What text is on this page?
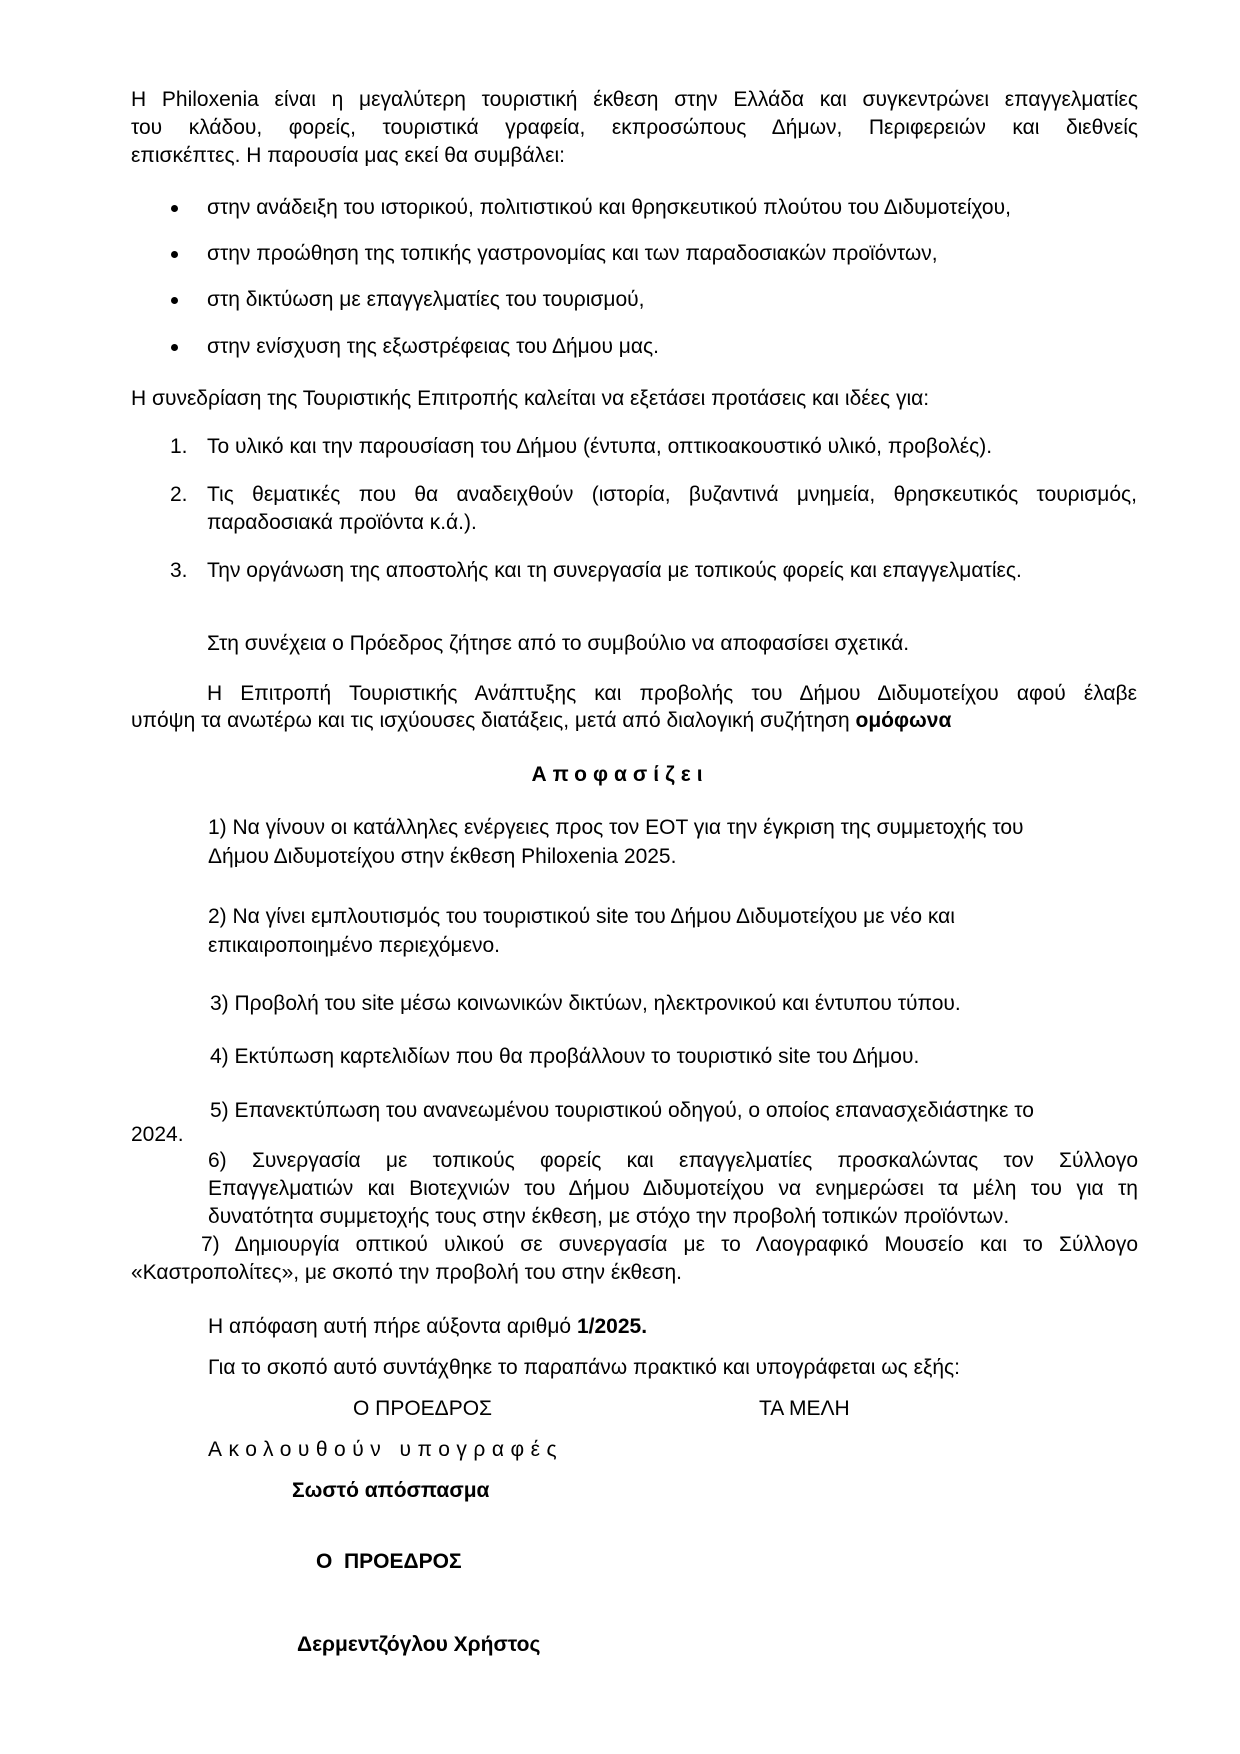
Η Philoxenia είναι η μεγαλύτερη τουριστική έκθεση στην Ελλάδα και συγκεντρώνει επαγγελματίες

του κλάδου, φορείς, τουριστικά γραφεία, εκπροσώπους Δήμων, Περιφερειών και διεθνείς

επισκέπτες. Η παρουσία μας εκεί θα συμβάλει:

στην ανάδειξη του ιστορικού, πολιτιστικού και θρησκευτικού πλούτου του Διδυμοτείχου,

στην προώθηση της τοπικής γαστρονομίας και των παραδοσιακών προϊόντων,

στη δικτύωση με επαγγελματίες του τουρισμού,

στην ενίσχυση της εξωστρέφειας του Δήμου μας.

Η συνεδρίαση της Τουριστικής Επιτροπής καλείται να εξετάσει προτάσεις και ιδέες για:

1. Το υλικό και την παρουσίαση του Δήμου (έντυπα, οπτικοακουστικό υλικό, προβολές).

2. Τις θεματικές που θα αναδειχθούν (ιστορία, βυζαντινά μνημεία, θρησκευτικός τουρισμός,

παραδοσιακά προϊόντα κ.ά.).

3. Την οργάνωση της αποστολής και τη συνεργασία με τοπικούς φορείς και επαγγελματίες.

Στη συνέχεια ο Πρόεδρος ζήτησε από το συμβούλιο να αποφασίσει σχετικά.

Η Επιτροπή Τουριστικής Ανάπτυξης και προβολής του Δήμου Διδυμοτείχου αφού έλαβε

υπόψη τα ανωτέρω και τις ισχύουσες διατάξεις, μετά από διαλογική συζήτηση ομόφωνα

Αποφασίζει

1) Να γίνουν οι κατάλληλες ενέργειες προς τον ΕΟΤ για την έγκριση της συμμετοχής του

Δήμου Διδυμοτείχου στην έκθεση Philoxenia 2025.

2) Να γίνει εμπλουτισμός του τουριστικού site του Δήμου Διδυμοτείχου με νέο και

επικαιροποιημένο περιεχόμενο.

3) Προβολή του site μέσω κοινωνικών δικτύων, ηλεκτρονικού και έντυπου τύπου.

4) Εκτύπωση καρτελιδίων που θα προβάλλουν το τουριστικό site του Δήμου.

5) Επανεκτύπωση του ανανεωμένου τουριστικού οδηγού, ο οποίος επανασχεδιάστηκε το

2024.

6) Συνεργασία με τοπικούς φορείς και επαγγελματίες προσκαλώντας τον Σύλλογο

Επαγγελματιών και Βιοτεχνιών του Δήμου Διδυμοτείχου να ενημερώσει τα μέλη του για τη

δυνατότητα συμμετοχής τους στην έκθεση, με στόχο την προβολή τοπικών προϊόντων.

7) Δημιουργία οπτικού υλικού σε συνεργασία με το Λαογραφικό Μουσείο και το Σύλλογο

«Καστροπολίτες», με σκοπό την προβολή του στην έκθεση.

Η απόφαση αυτή πήρε αύξοντα αριθμό 1/2025.

Για το σκοπό αυτό συντάχθηκε το παραπάνω πρακτικό και υπογράφεται ως εξής:

Ο ΠΡΟΕΔΡΟΣ	ΤΑ ΜΕΛΗ

Ακολουθούν υπογραφές

Σωστό απόσπασμα

Ο  ΠΡΟΕΔΡΟΣ

Δερμεντζόγλου Χρήστος
